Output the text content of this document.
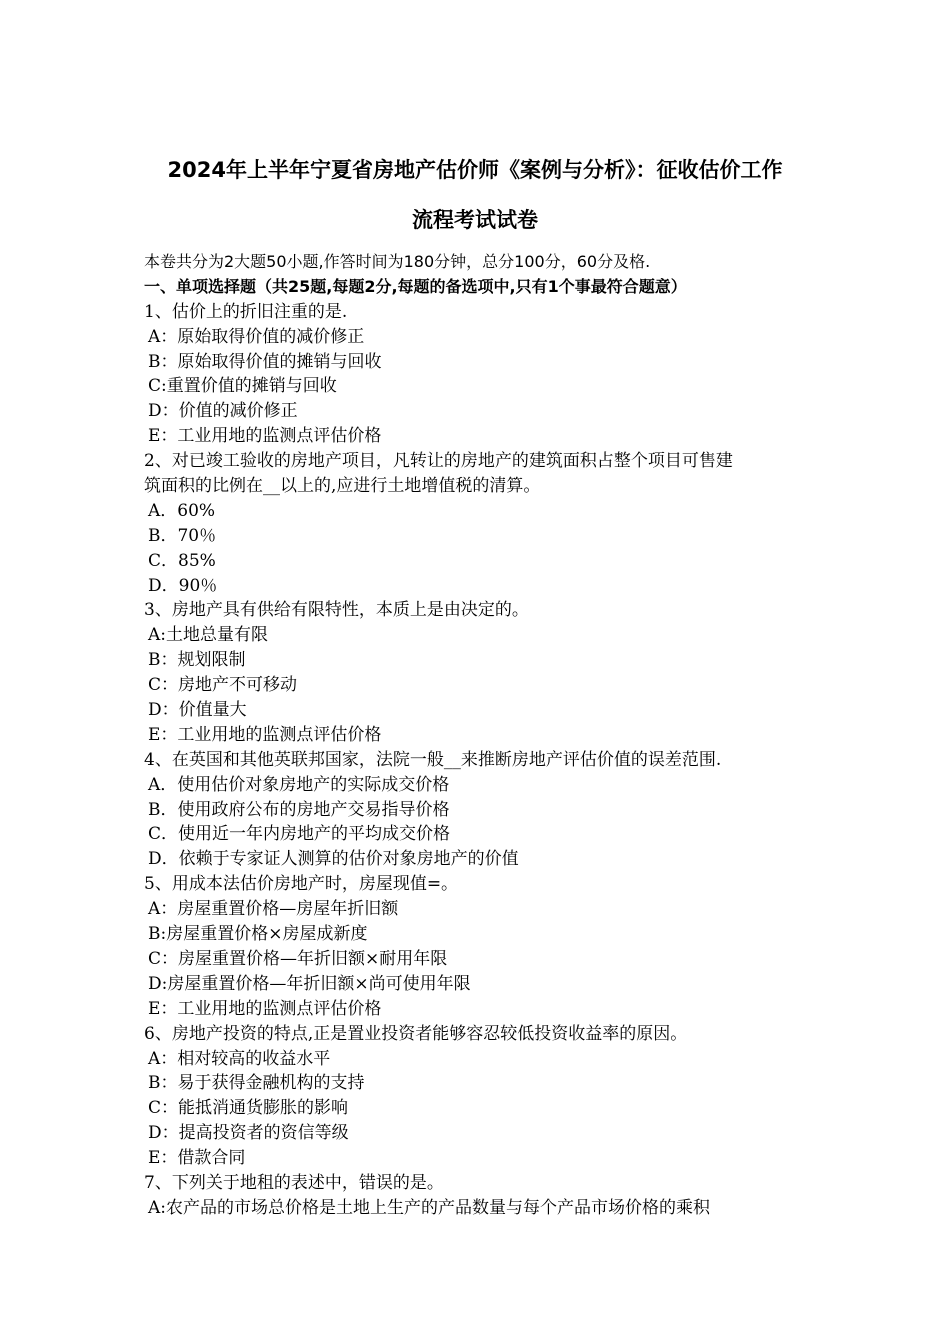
2024年上半年宁夏省房地产估价师《案例与分析》：征收估价工作
流程考试试卷
本卷共分为2大题50小题,作答时间为180分钟，总分100分，60分及格.
一、单项选择题（共25题,每题2分,每题的备选项中,只有1个事最符合题意）
1、估价上的折旧注重的是.
A：原始取得价值的减价修正
B：原始取得价值的摊销与回收
C:重置价值的摊销与回收
D：价值的减价修正
E：工业用地的监测点评估价格
2、对已竣工验收的房地产项目，凡转让的房地产的建筑面积占整个项目可售建
筑面积的比例在__以上的,应进行土地增值税的清算。
A．60%
B．70％
C．85%
D．90％
3、房地产具有供给有限特性，本质上是由决定的。
A:土地总量有限
B：规划限制
C：房地产不可移动
D：价值量大
E：工业用地的监测点评估价格
4、在英国和其他英联邦国家，法院一般__来推断房地产评估价值的误差范围.
A．使用估价对象房地产的实际成交价格
B．使用政府公布的房地产交易指导价格
C．使用近一年内房地产的平均成交价格
D．依赖于专家证人测算的估价对象房地产的价值
5、用成本法估价房地产时，房屋现值=。
A：房屋重置价格—房屋年折旧额
B:房屋重置价格×房屋成新度
C：房屋重置价格—年折旧额×耐用年限
D:房屋重置价格—年折旧额×尚可使用年限
E：工业用地的监测点评估价格
6、房地产投资的特点,正是置业投资者能够容忍较低投资收益率的原因。
A：相对较高的收益水平
B：易于获得金融机构的支持
C：能抵消通货膨胀的影响
D：提高投资者的资信等级
E：借款合同
7、下列关于地租的表述中，错误的是。
A:农产品的市场总价格是土地上生产的产品数量与每个产品市场价格的乘积
